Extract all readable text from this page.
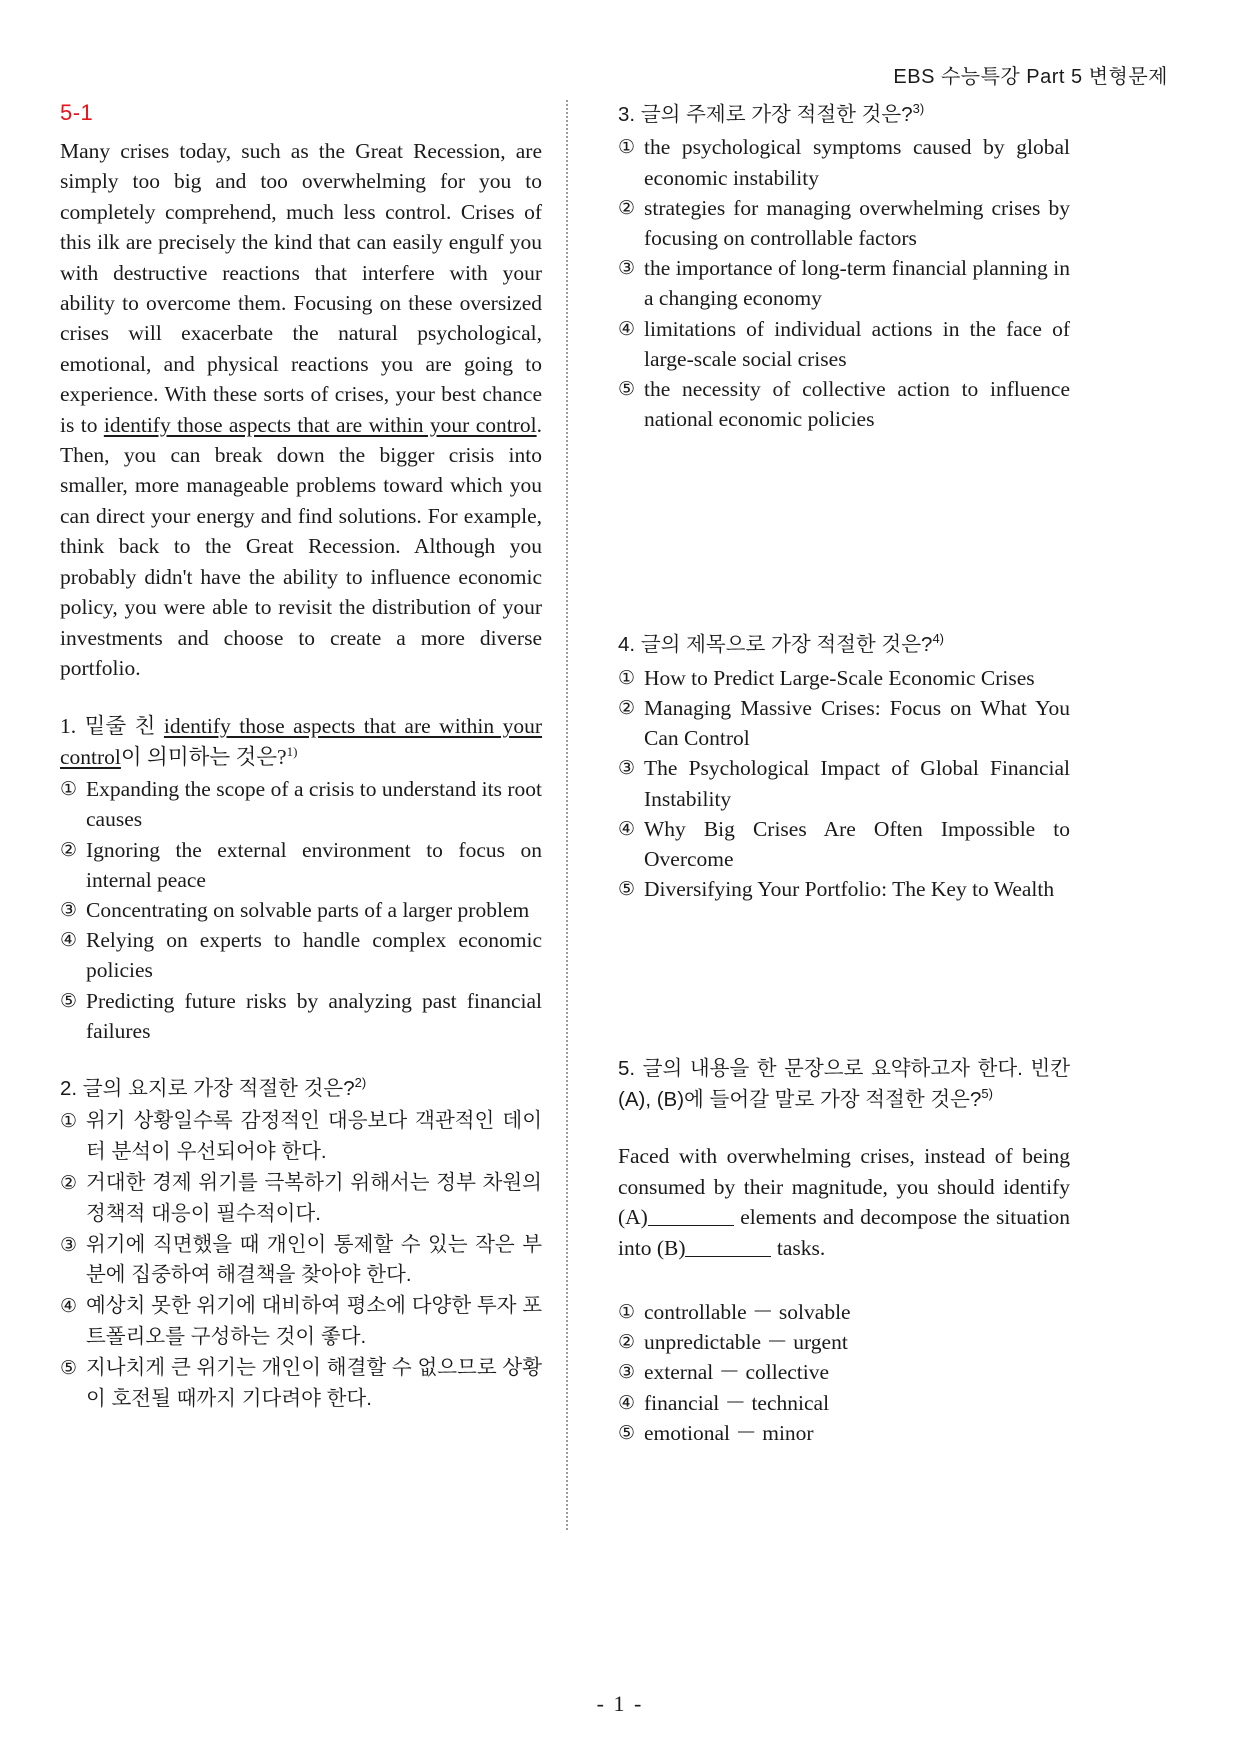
EBS 수능특강 Part 5 변형문제
5-1

Many crises today, such as the Great Recession, are simply too big and too overwhelming for you to completely comprehend, much less control. Crises of this ilk are precisely the kind that can easily engulf you with destructive reactions that interfere with your ability to overcome them. Focusing on these oversized crises will exacerbate the natural psychological, emotional, and physical reactions you are going to experience. With these sorts of crises, your best chance is to identify those aspects that are within your control. Then, you can break down the bigger crisis into smaller, more manageable problems toward which you can direct your energy and find solutions. For example, think back to the Great Recession. Although you probably didn't have the ability to influence economic policy, you were able to revisit the distribution of your investments and choose to create a more diverse portfolio.

1. 밑줄 친 identify those aspects that are within your control이 의미하는 것은?$^{1)}$

① Expanding the scope of a crisis to understand its root causes
② Ignoring the external environment to focus on internal peace
③ Concentrating on solvable parts of a larger problem
④ Relying on experts to handle complex economic policies
⑤ Predicting future risks by analyzing past financial failures

2. 글의 요지로 가장 적절한 것은?$^{2)}$

① 위기 상황일수록 감정적인 대응보다 객관적인 데이터 분석이 우선되어야 한다.
② 거대한 경제 위기를 극복하기 위해서는 정부 차원의 정책적 대응이 필수적이다.
③ 위기에 직면했을 때 개인이 통제할 수 있는 작은 부분에 집중하여 해결책을 찾아야 한다.
④ 예상치 못한 위기에 대비하여 평소에 다양한 투자 포트폴리오를 구성하는 것이 좋다.
⑤ 지나치게 큰 위기는 개인이 해결할 수 없으므로 상황이 호전될 때까지 기다려야 한다.

3. 글의 주제로 가장 적절한 것은?$^{3)}$

① the psychological symptoms caused by global economic instability
② strategies for managing overwhelming crises by focusing on controllable factors
③ the importance of long-term financial planning in a changing economy
④ limitations of individual actions in the face of large-scale social crises
⑤ the necessity of collective action to influence national economic policies

4. 글의 제목으로 가장 적절한 것은?$^{4)}$

① How to Predict Large-Scale Economic Crises
② Managing Massive Crises: Focus on What You Can Control
③ The Psychological Impact of Global Financial Instability
④ Why Big Crises Are Often Impossible to Overcome
⑤ Diversifying Your Portfolio: The Key to Wealth

5. 글의 내용을 한 문장으로 요약하고자 한다. 빈칸 (A), (B)에 들어갈 말로 가장 적절한 것은?$^{5)}$

Faced with overwhelming crises, instead of being consumed by their magnitude, you should identify (A)	elements and decompose the situation into (B)	tasks.

① controllable － solvable
② unpredictable － urgent
③ external － collective
④ financial － technical
⑤ emotional － minor
- 1 -
